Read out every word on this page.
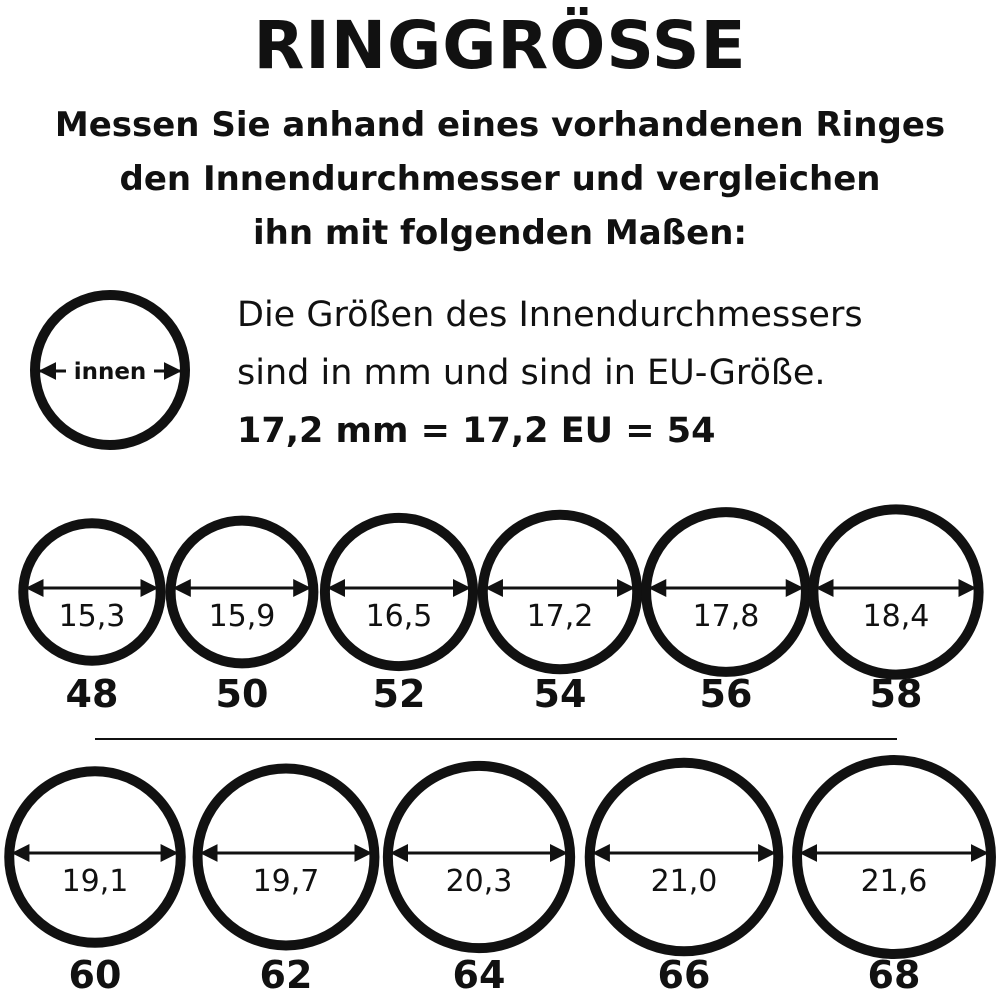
RINGGRÖSSE
Messen Sie anhand eines vorhandenen Ringes
den Innendurchmesser und vergleichen
ihn mit folgenden Maßen:
Die Größen des Innendurchmessers
sind in mm und sind in EU-Größe.
17,2 mm = 17,2 EU = 54
innen
15,3
48
15,9
50
16,5
52
17,2
54
17,8
56
18,4
58
19,1
60
19,7
62
20,3
64
21,0
66
21,6
68
